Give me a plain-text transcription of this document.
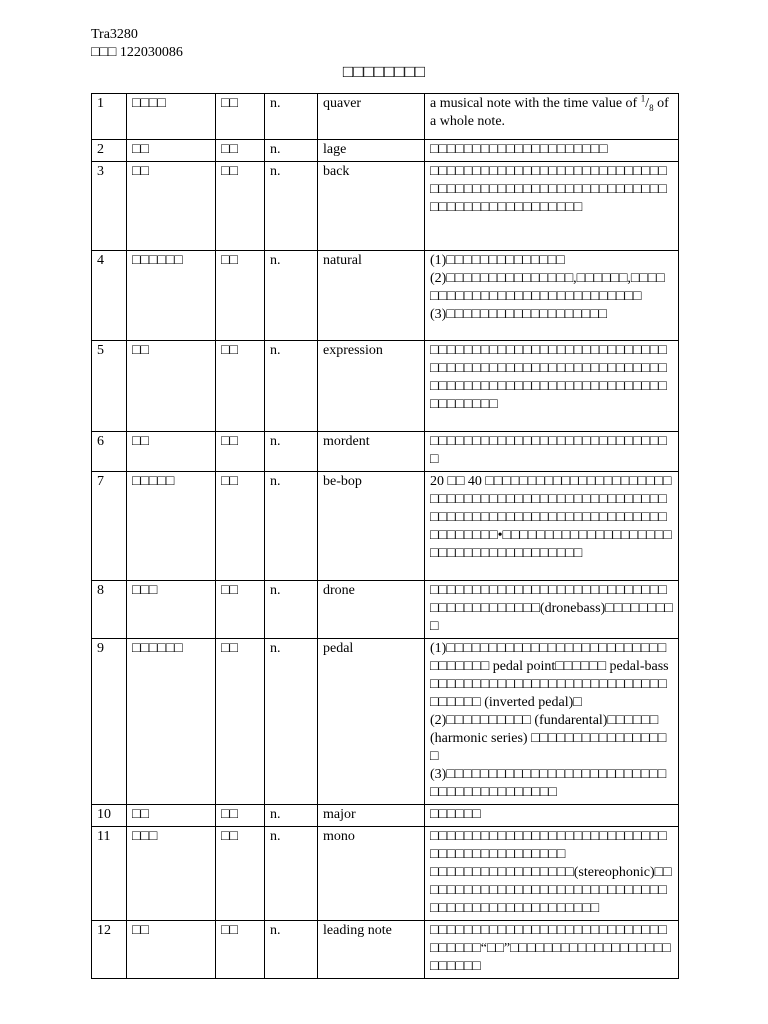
Tra3280
□□□ 122030086
□□□□□□□□
1	□□□□	□□	n.	quaver	a musical note with the time value of $^1/_8$ of a whole note.
2	□□	□□	n.	lage	□□□□□□□□□□□□□□□□□□□□□

3	□□	□□	n.	back	□□□□□□□□□□□□□□□□□□□□□□□□□□□□□□□□□□□□□□□□□□□□□□□□□□□□□□□□□□□□□□□□□□□□□□□□□□

4	□□□□□□	□□	n.	natural	(1)□□□□□□□□□□□□□□
(2)□□□□□□□□□□□□□□□,□□□□□□,□□□□□□□□□□□□□□□□□□□□□□□□□□□□□
(3)□□□□□□□□□□□□□□□□□□□

5	□□	□□	n.	expression	□□□□□□□□□□□□□□□□□□□□□□□□□□□□□□□□□□□□□□□□□□□□□□□□□□□□□□□□□□□□□□□□□□□□□□□□□□□□□□□□□□□□□□□□□□□□

6	□□	□□	n.	mordent	□□□□□□□□□□□□□□□□□□□□□□□□□□□□□

7	□□□□□	□□	n.	be-bop	20 □□ 40 □□□□□□□□□□□□□□□□□□□□□□□□□□□□□□□□□□□□□□□□□□□□□□□□□□□□□□□□□□□□□□□□□□□□□□□□□□□□□□□□□□□□□□•□□□□□□□□□□□□□□□□□□□□□□□□□□□□□□□□□□□□□□

8	□□□	□□	n.	drone	□□□□□□□□□□□□□□□□□□□□□□□□□□□□□□□□□□□□□□□□□(dronebass)□□□□□□□□□

9	□□□□□□	□□	n.	pedal	(1)□□□□□□□□□□□□□□□□□□□□□□□□□□□□□□□□□ pedal point□□□□□□ pedal-bass □□□□□□□□□□□□□□□□□□□□□□□□□□□□□□□□□□ (inverted pedal)□
(2)□□□□□□□□□□ (fundarental)□□□□□□ (harmonic series) □□□□□□□□□□□□□□□□□
(3)□□□□□□□□□□□□□□□□□□□□□□□□□□□□□□□□□□□□□□□□□

10	□□	□□	n.	major	□□□□□□

11	□□□	□□	n.	mono	□□□□□□□□□□□□□□□□□□□□□□□□□□□□□□□□□□□□□□□□□□□□
□□□□□□□□□□□□□□□□□(stereophonic)□□□□□□□□□□□□□□□□□□□□□□□□□□□□□□□□□□□□□□□□□□□□□□□□□□

12	□□	□□	n.	leading note	□□□□□□□□□□□□□□□□□□□□□□□□□□□□□□□□□□“□□”□□□□□□□□□□□□□□□□□□□□□□□□□
